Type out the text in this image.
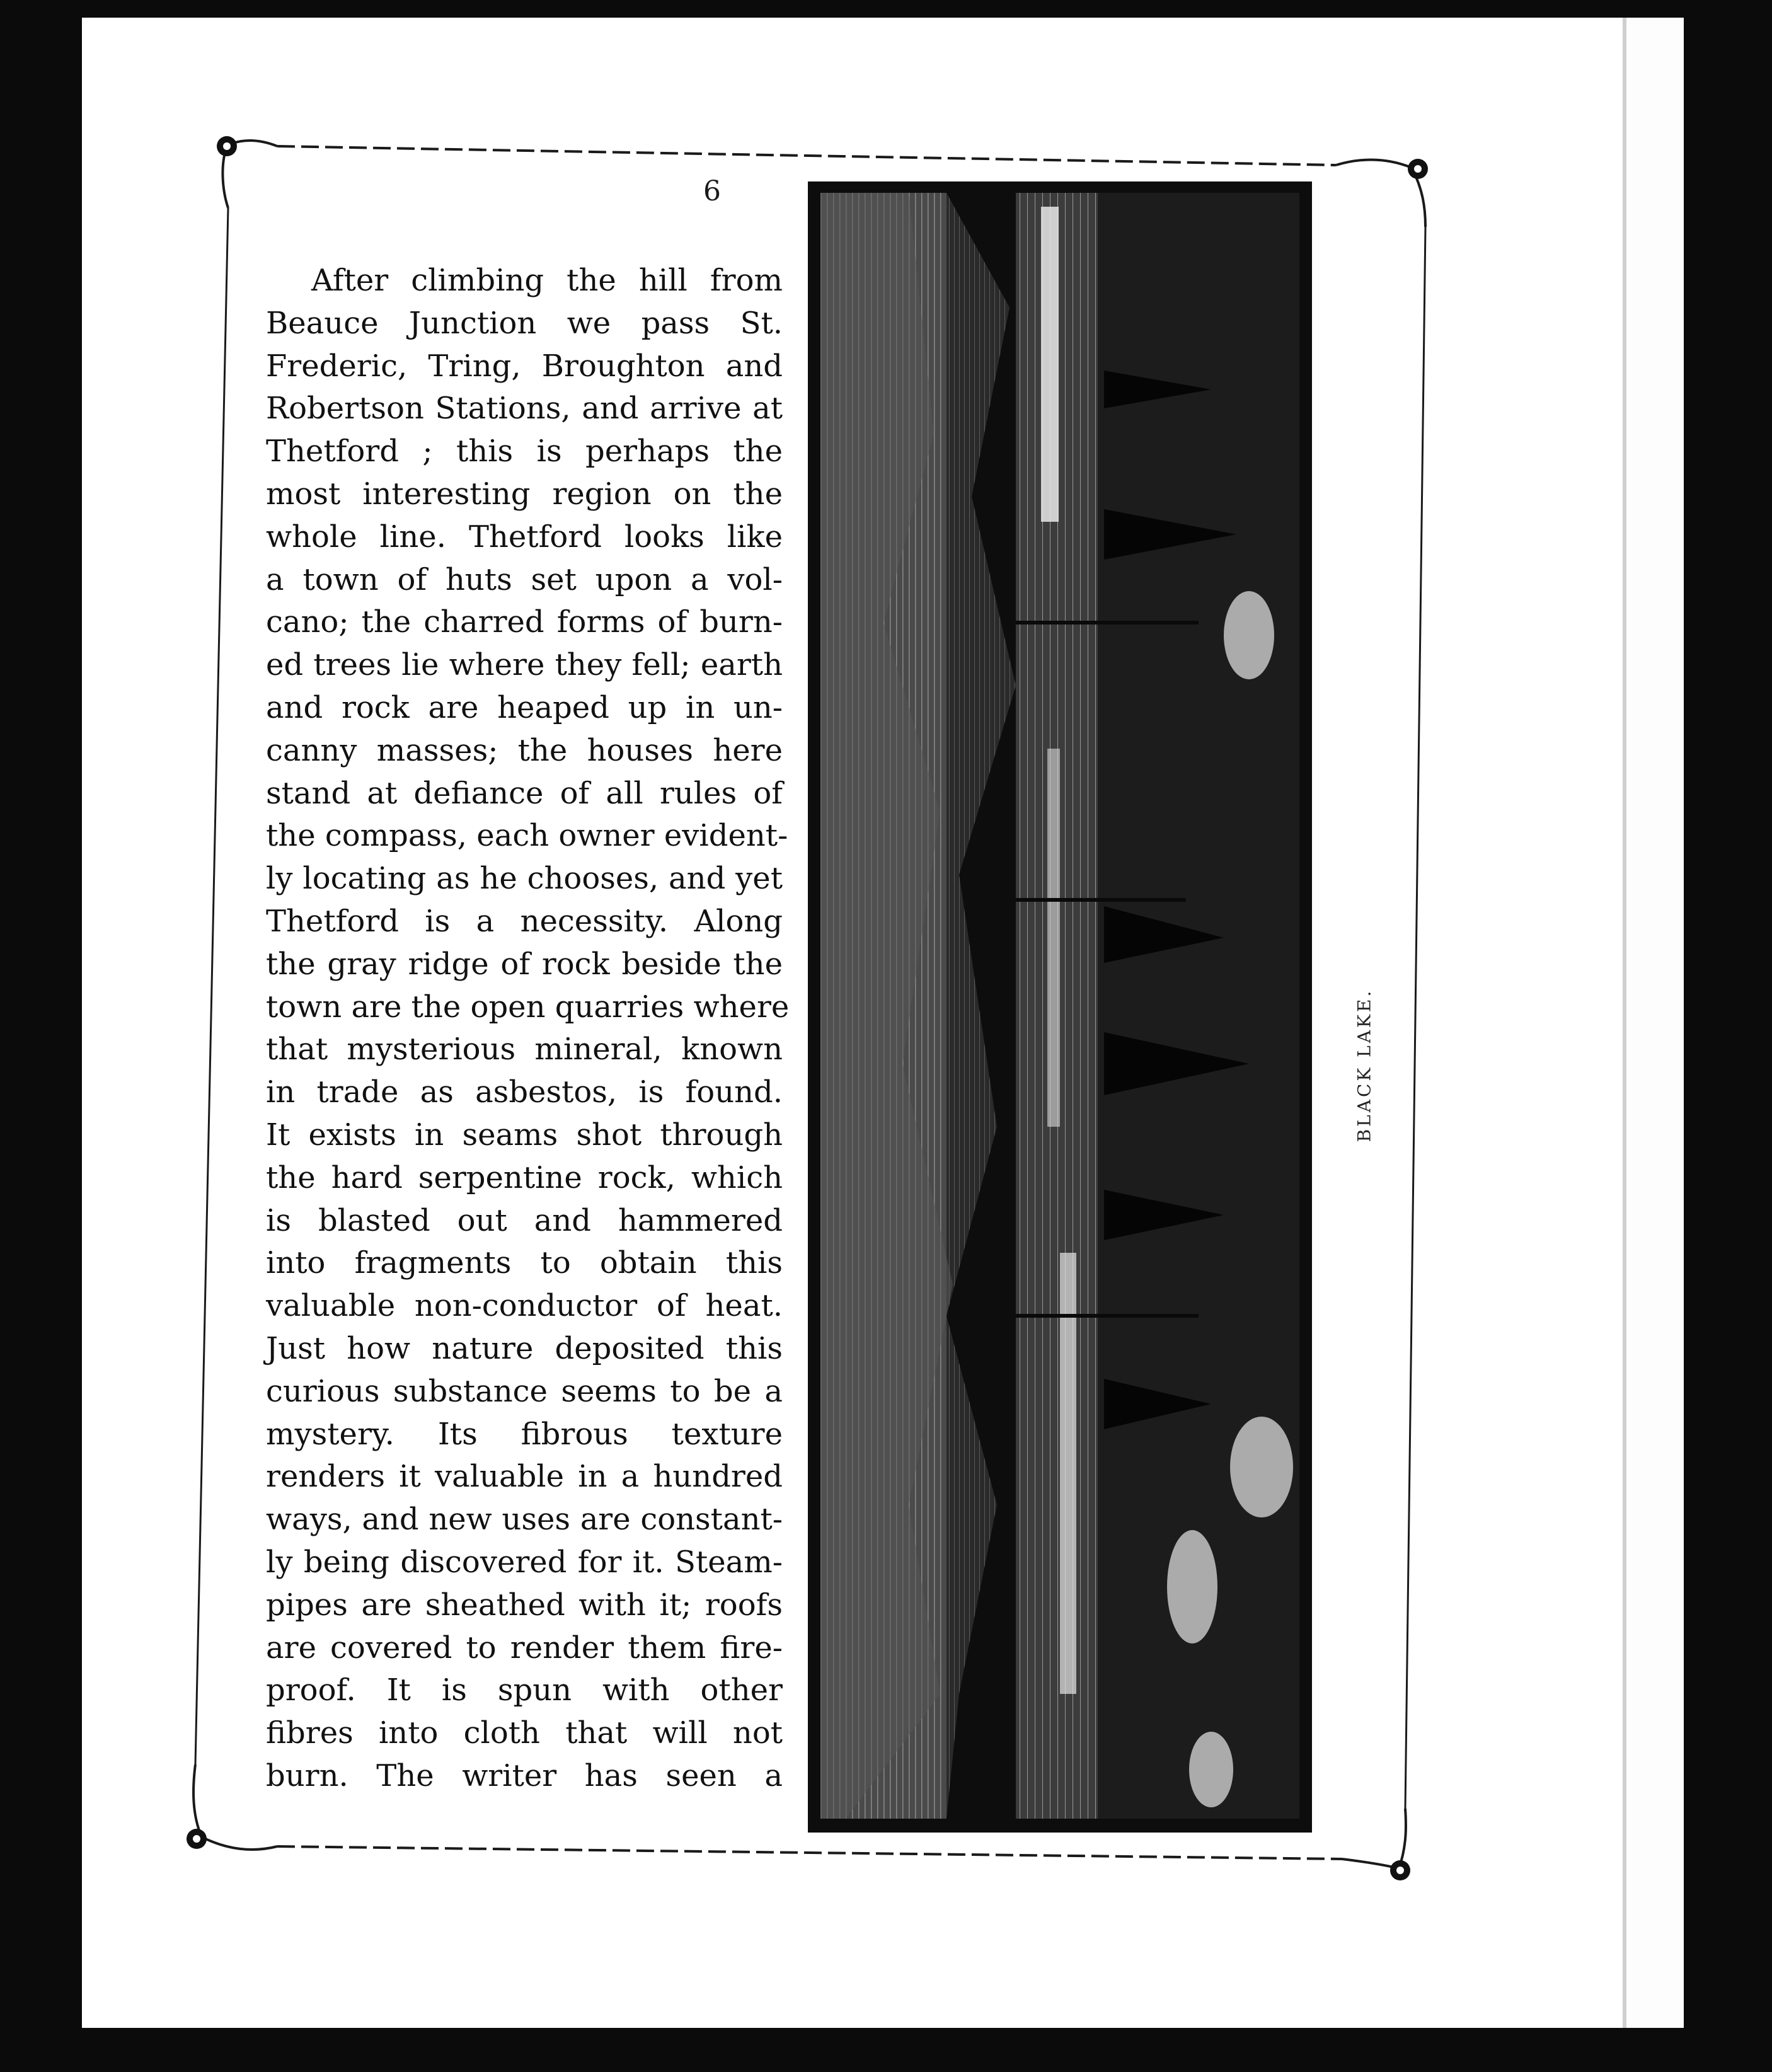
6
After climbing the hill from
Beauce Junction we pass St.
Frederic, Tring, Broughton and
Robertson Stations, and arrive at
Thetford ; this is perhaps the
most interesting region on the
whole line. Thetford looks like
a town of huts set upon a vol-
cano; the charred forms of burn-
ed trees lie where they fell; earth
and rock are heaped up in un-
canny masses; the houses here
stand at defiance of all rules of
the compass, each owner evident-
ly locating as he chooses, and yet
Thetford is a necessity. Along
the gray ridge of rock beside the
town are the open quarries where
that mysterious mineral, known
in trade as asbestos, is found.
It exists in seams shot through
the hard serpentine rock, which
is blasted out and hammered
into fragments to obtain this
valuable non-conductor of heat.
Just how nature deposited this
curious substance seems to be a
mystery. Its fibrous texture
renders it valuable in a hundred
ways, and new uses are constant-
ly being discovered for it. Steam-
pipes are sheathed with it; roofs
are covered to render them fire-
proof. It is spun with other
fibres into cloth that will not
burn. The writer has seen a
BLACK LAKE.
